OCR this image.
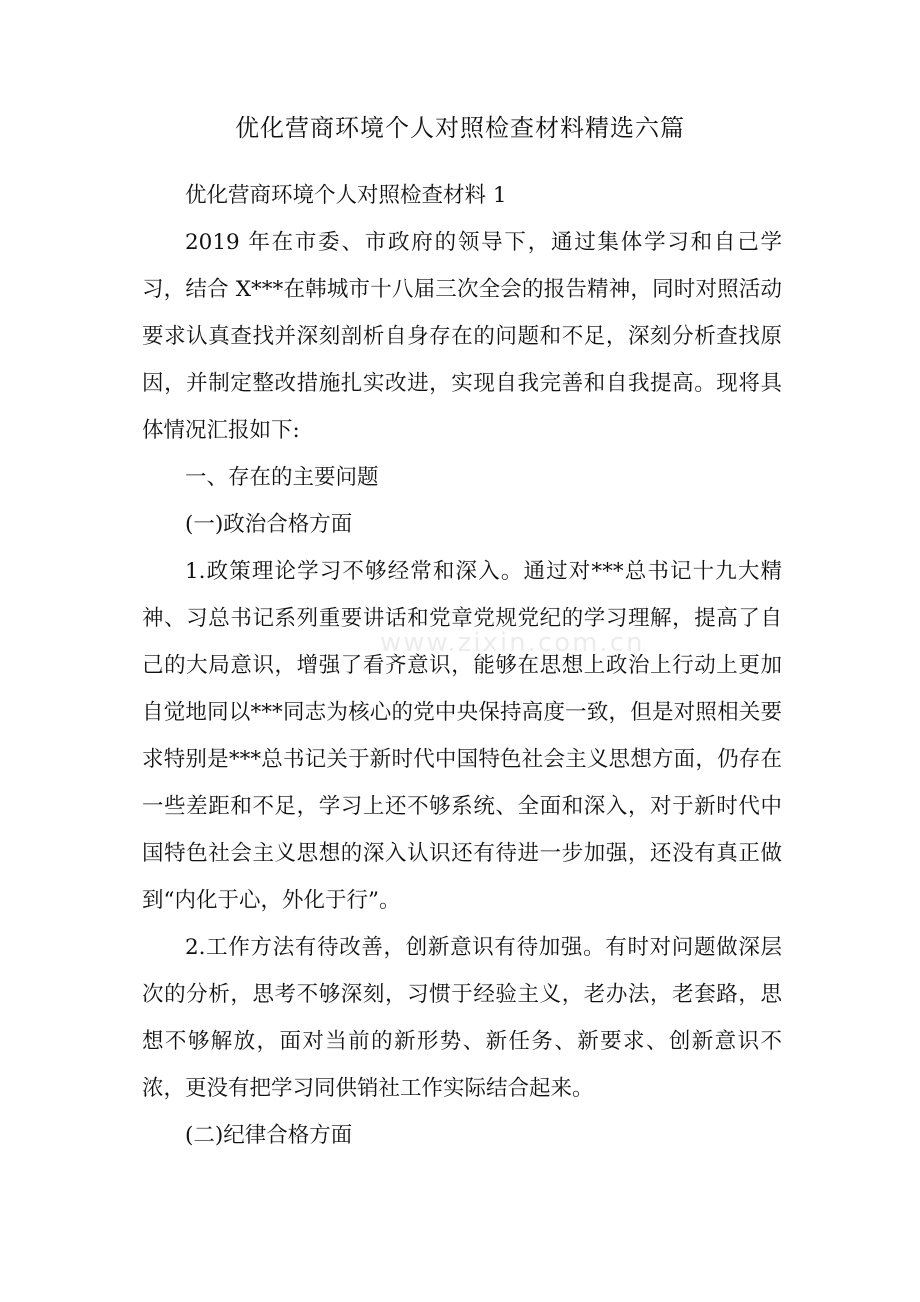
优化营商环境个人对照检查材料精选六篇

优化营商环境个人对照检查材料 1

2019 年在市委、市政府的领导下，通过集体学习和自己学习，结合 X***在韩城市十八届三次全会的报告精神，同时对照活动要求认真查找并深刻剖析自身存在的问题和不足，深刻分析查找原因，并制定整改措施扎实改进，实现自我完善和自我提高。现将具体情况汇报如下:

一、存在的主要问题

(一)政治合格方面

1.政策理论学习不够经常和深入。通过对***总书记十九大精神、习总书记系列重要讲话和党章党规党纪的学习理解，提高了自己的大局意识，增强了看齐意识，能够在思想上政治上行动上更加自觉地同以***同志为核心的党中央保持高度一致，但是对照相关要求特别是***总书记关于新时代中国特色社会主义思想方面，仍存在一些差距和不足，学习上还不够系统、全面和深入，对于新时代中国特色社会主义思想的深入认识还有待进一步加强，还没有真正做到“内化于心，外化于行”。

2.工作方法有待改善，创新意识有待加强。有时对问题做深层次的分析，思考不够深刻，习惯于经验主义，老办法，老套路，思想不够解放，面对当前的新形势、新任务、新要求、创新意识不浓，更没有把学习同供销社工作实际结合起来。

(二)纪律合格方面

www.zixin.com.cn
